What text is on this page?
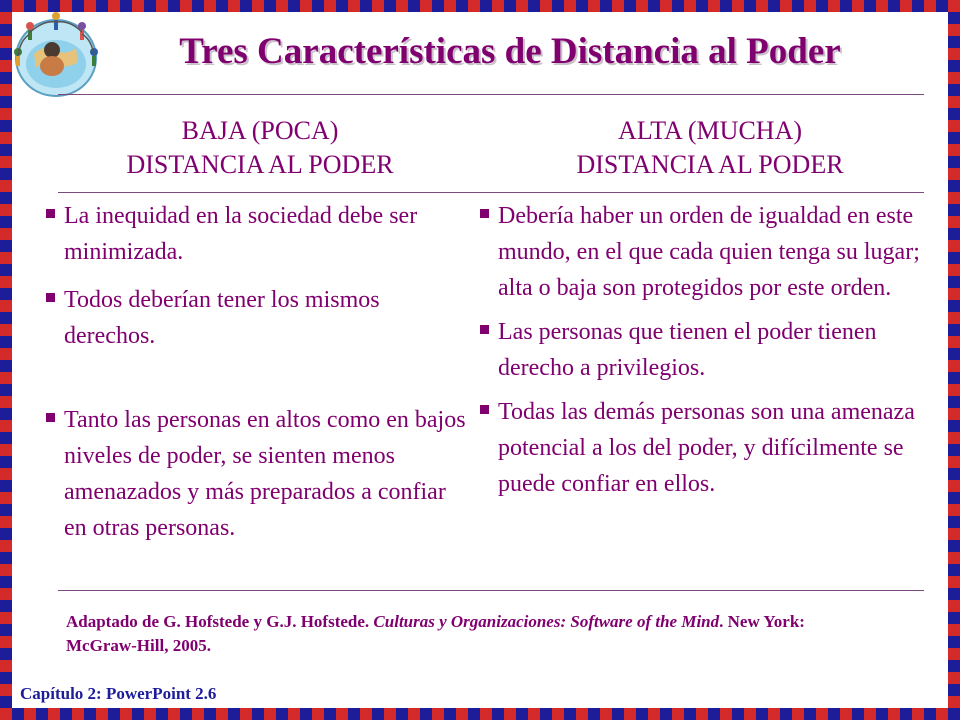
Tres Características de Distancia al Poder
BAJA (POCA)
DISTANCIA AL PODER
ALTA (MUCHA)
DISTANCIA AL PODER
La inequidad en la sociedad debe ser minimizada.
Todos deberían tener los mismos derechos.
Tanto las personas en altos como en bajos niveles de poder, se sienten menos amenazados y más preparados a confiar en otras personas.
Debería haber un orden de igualdad en este mundo, en el que cada quien tenga su lugar; alta o baja son protegidos por este orden.
Las personas que tienen el poder tienen derecho a privilegios.
Todas las demás personas son una amenaza potencial a los del poder, y difícilmente se puede confiar en ellos.
Adaptado de G. Hofstede y G.J. Hofstede. Culturas y Organizaciones: Software of the Mind. New York: McGraw-Hill, 2005.
Capítulo 2: PowerPoint 2.6
